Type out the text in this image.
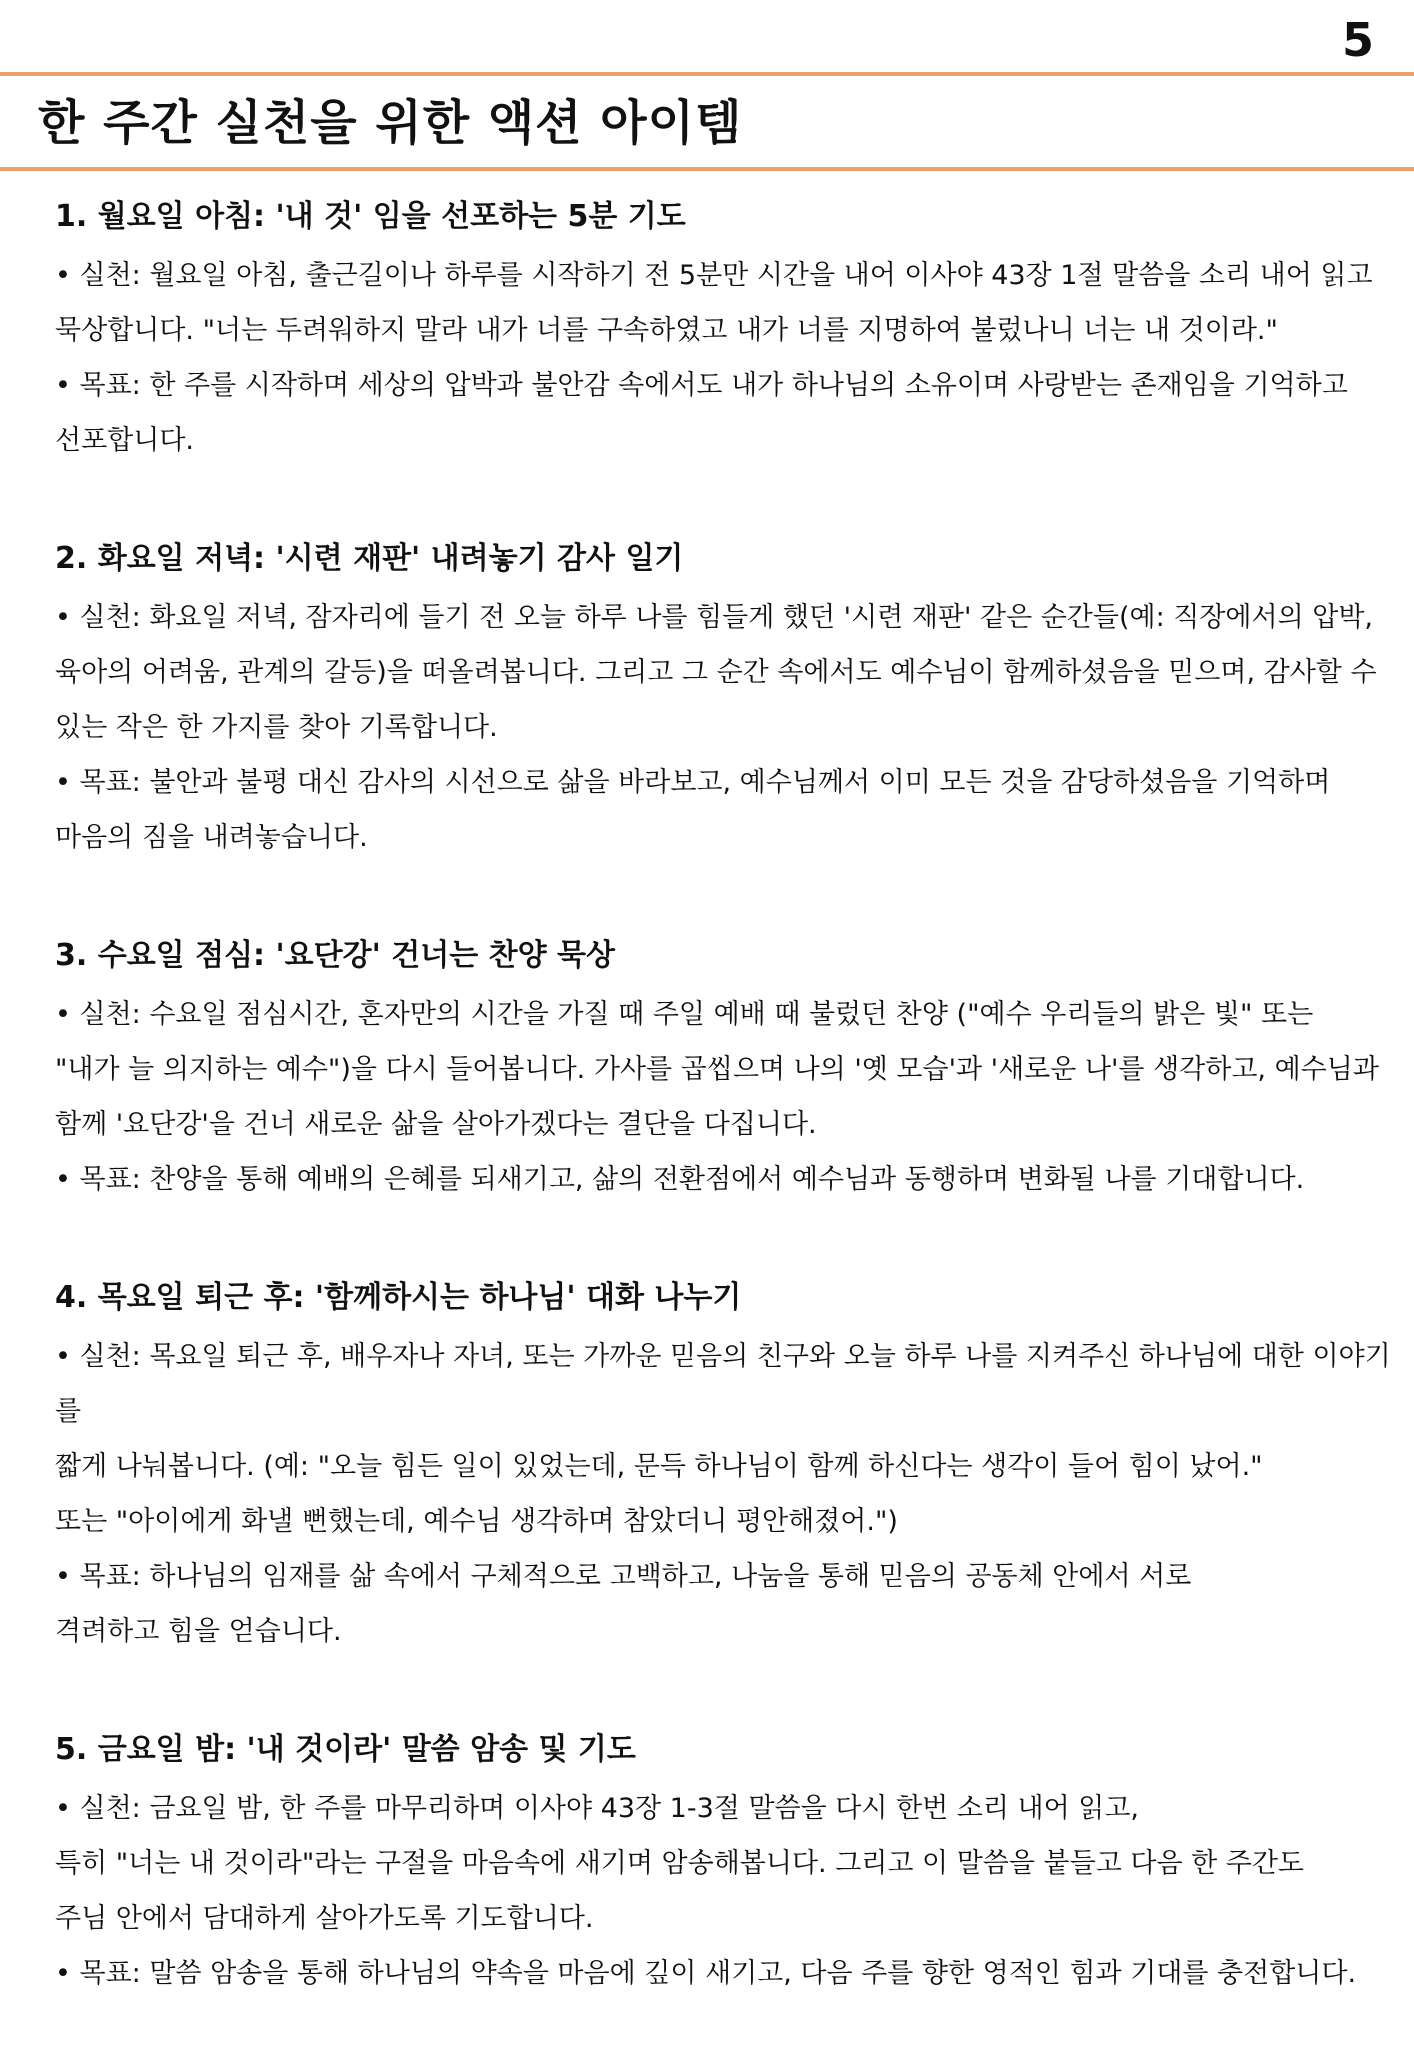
5
한 주간 실천을 위한 액션 아이템
1. 월요일 아침: '내 것' 임을 선포하는 5분 기도

• 실천: 월요일 아침, 출근길이나 하루를 시작하기 전 5분만 시간을 내어 이사야 43장 1절 말씀을 소리 내어 읽고
묵상합니다. "너는 두려워하지 말라 내가 너를 구속하였고 내가 너를 지명하여 불렀나니 너는 내 것이라."

• 목표: 한 주를 시작하며 세상의 압박과 불안감 속에서도 내가 하나님의 소유이며 사랑받는 존재임을 기억하고
선포합니다.

2. 화요일 저녁: '시련 재판' 내려놓기 감사 일기

• 실천: 화요일 저녁, 잠자리에 들기 전 오늘 하루 나를 힘들게 했던 '시련 재판' 같은 순간들(예: 직장에서의 압박,
육아의 어려움, 관계의 갈등)을 떠올려봅니다. 그리고 그 순간 속에서도 예수님이 함께하셨음을 믿으며, 감사할 수
있는 작은 한 가지를 찾아 기록합니다.

• 목표: 불안과 불평 대신 감사의 시선으로 삶을 바라보고, 예수님께서 이미 모든 것을 감당하셨음을 기억하며
마음의 짐을 내려놓습니다.

3. 수요일 점심: '요단강' 건너는 찬양 묵상

• 실천: 수요일 점심시간, 혼자만의 시간을 가질 때 주일 예배 때 불렀던 찬양 ("예수 우리들의 밝은 빛" 또는
"내가 늘 의지하는 예수")을 다시 들어봅니다. 가사를 곱씹으며 나의 '옛 모습'과 '새로운 나'를 생각하고, 예수님과
함께 '요단강'을 건너 새로운 삶을 살아가겠다는 결단을 다집니다.

• 목표: 찬양을 통해 예배의 은혜를 되새기고, 삶의 전환점에서 예수님과 동행하며 변화될 나를 기대합니다.

4. 목요일 퇴근 후: '함께하시는 하나님' 대화 나누기

• 실천: 목요일 퇴근 후, 배우자나 자녀, 또는 가까운 믿음의 친구와 오늘 하루 나를 지켜주신 하나님에 대한 이야기를
짧게 나눠봅니다. (예: "오늘 힘든 일이 있었는데, 문득 하나님이 함께 하신다는 생각이 들어 힘이 났어."
또는 "아이에게 화낼 뻔했는데, 예수님 생각하며 참았더니 평안해졌어.")

• 목표: 하나님의 임재를 삶 속에서 구체적으로 고백하고, 나눔을 통해 믿음의 공동체 안에서 서로
격려하고 힘을 얻습니다.

5. 금요일 밤: '내 것이라' 말씀 암송 및 기도

• 실천: 금요일 밤, 한 주를 마무리하며 이사야 43장 1-3절 말씀을 다시 한번 소리 내어 읽고,
특히 "너는 내 것이라"라는 구절을 마음속에 새기며 암송해봅니다. 그리고 이 말씀을 붙들고 다음 한 주간도
주님 안에서 담대하게 살아가도록 기도합니다.

• 목표: 말씀 암송을 통해 하나님의 약속을 마음에 깊이 새기고, 다음 주를 향한 영적인 힘과 기대를 충전합니다.
